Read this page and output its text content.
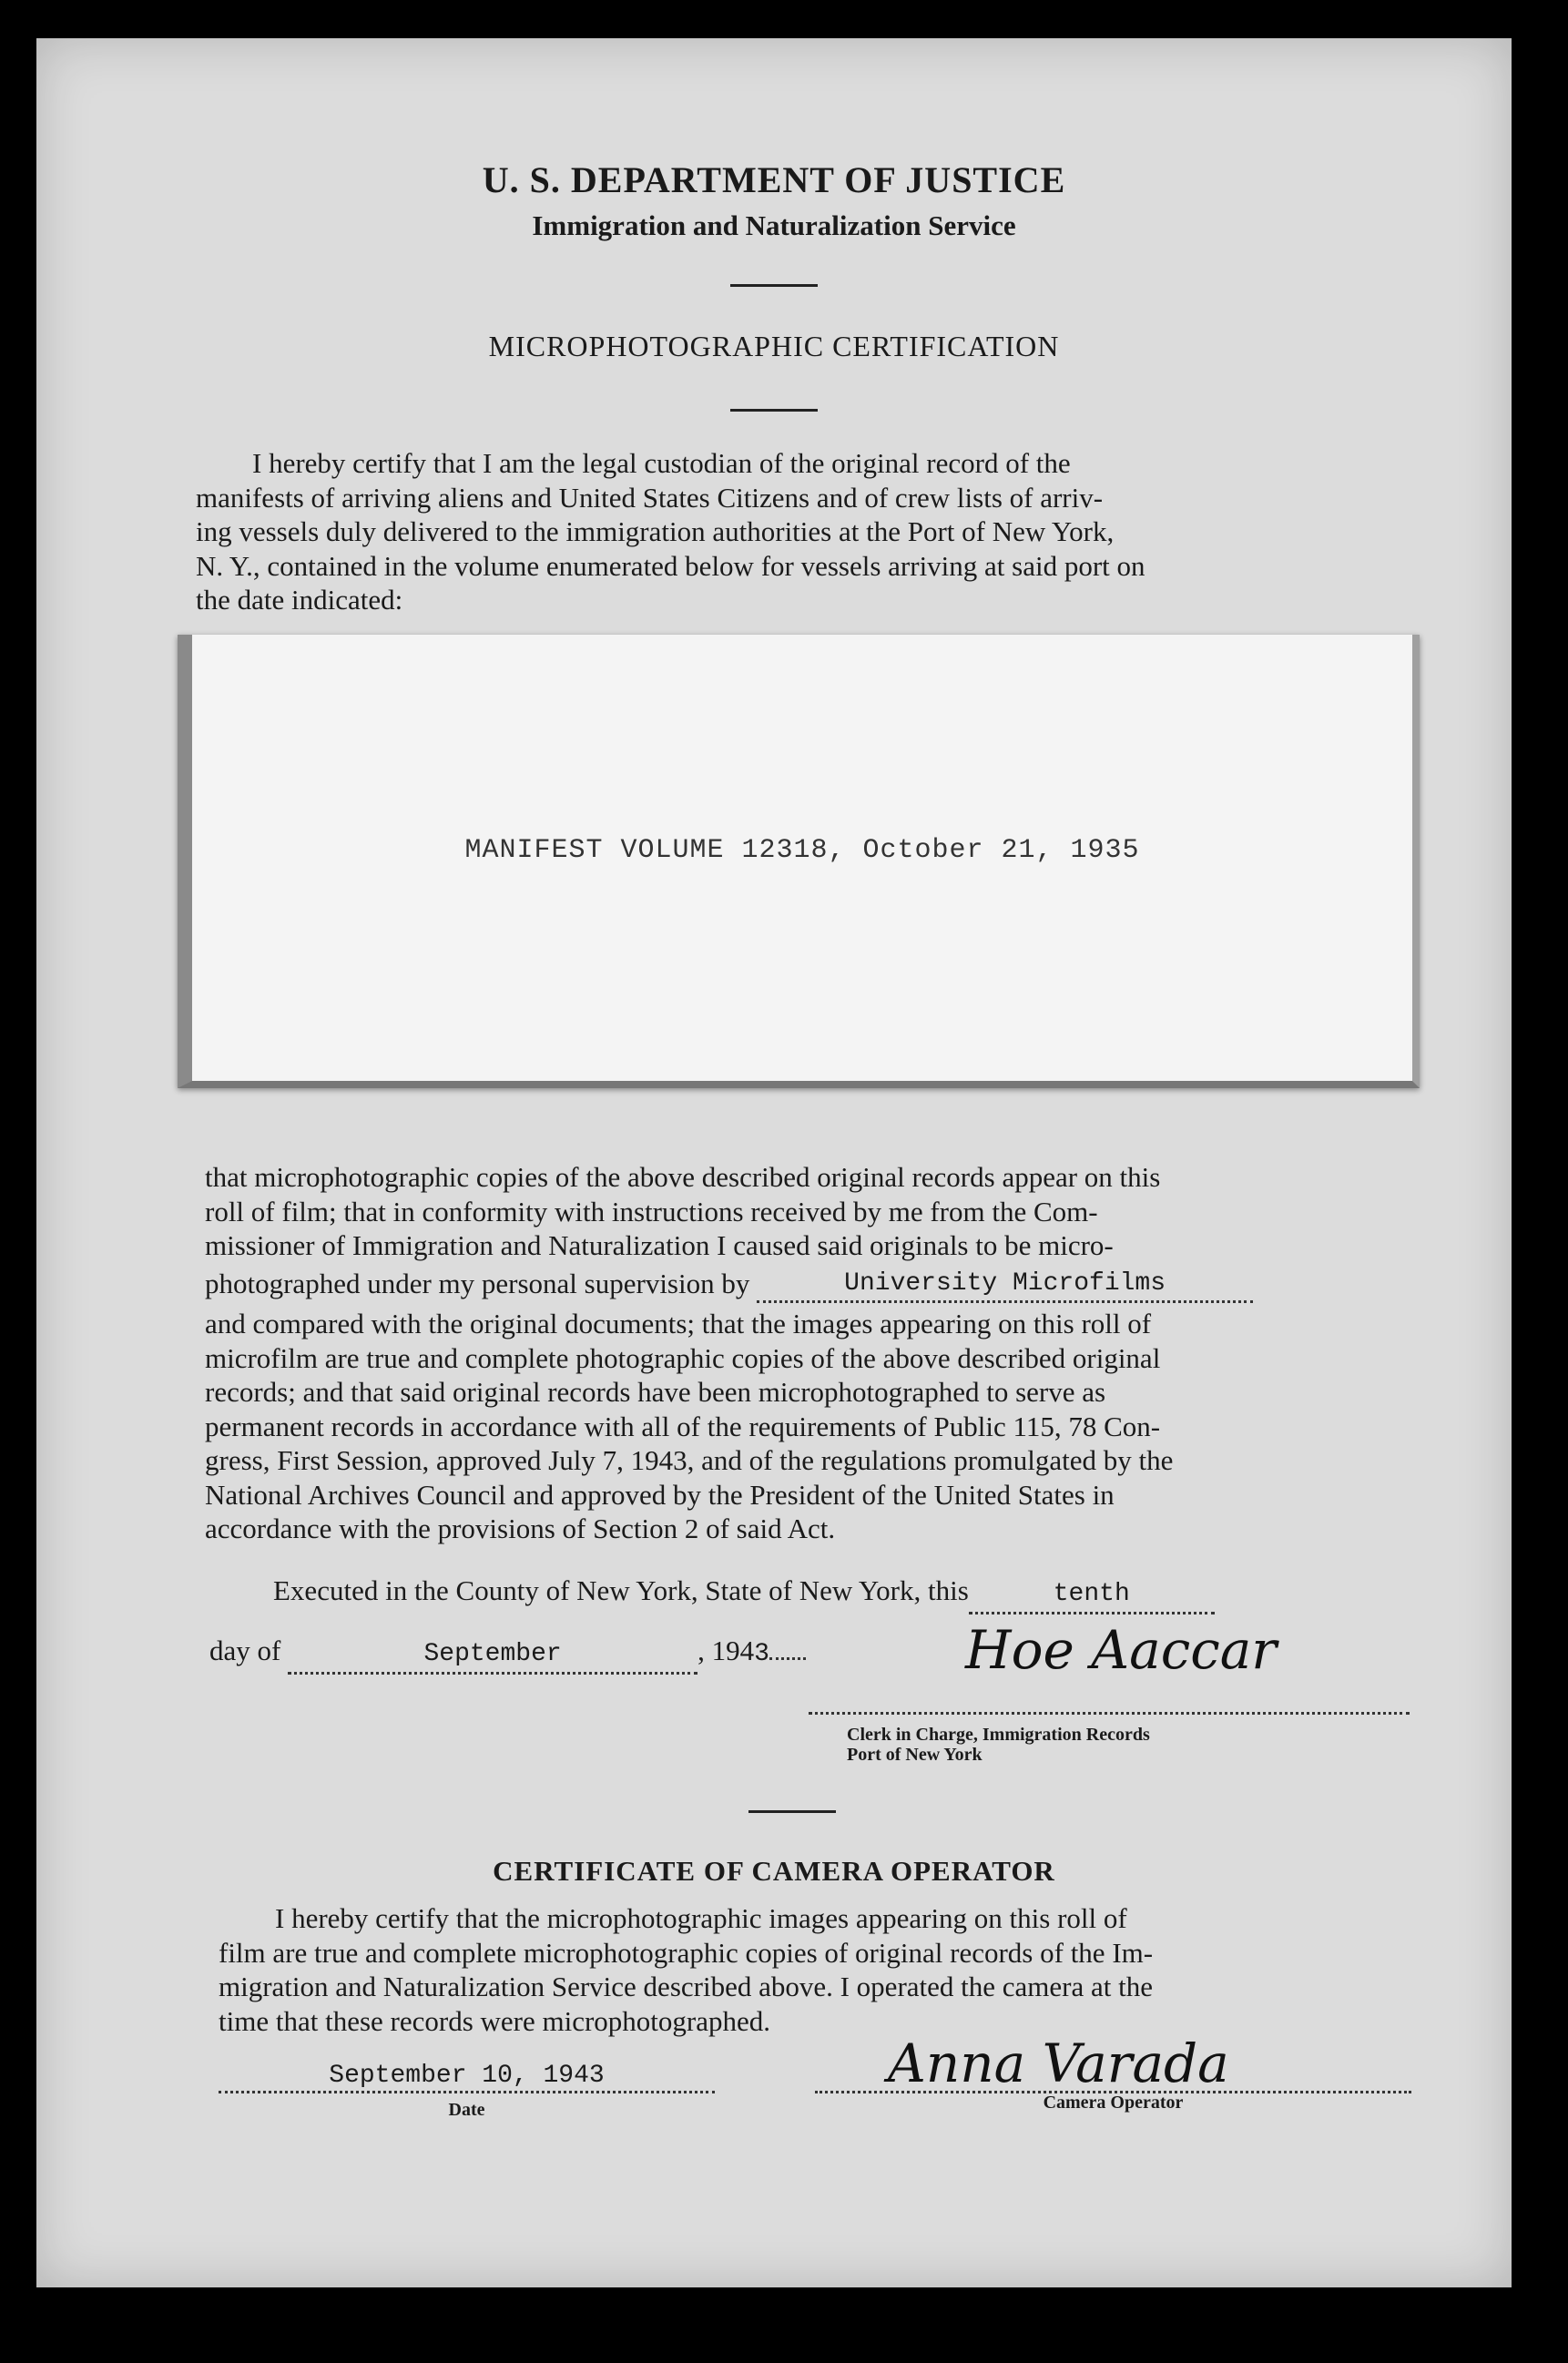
U. S. DEPARTMENT OF JUSTICE
Immigration and Naturalization Service
MICROPHOTOGRAPHIC CERTIFICATION

I hereby certify that I am the legal custodian of the original record of the

manifests of arriving aliens and United States Citizens and of crew lists of arriv-

ing vessels duly delivered to the immigration authorities at the Port of New York,

N. Y., contained in the volume enumerated below for vessels arriving at said port on

the date indicated:

MANIFEST VOLUME 12318, October 21, 1935

that microphotographic copies of the above described original records appear on this

roll of film; that in conformity with instructions received by me from the Com-

missioner of Immigration and Naturalization I caused said originals to be micro-

photographed under my personal supervision by	University Microfilms

and compared with the original documents; that the images appearing on this roll of

microfilm are true and complete photographic copies of the above described original

records; and that said original records have been microphotographed to serve as

permanent records in accordance with all of the requirements of Public 115, 78 Con-

gress, First Session, approved July 7, 1943, and of the regulations promulgated by the

National Archives Council and approved by the President of the United States in

accordance with the provisions of Section 2 of said Act.

Executed in the County of New York, State of New York, this	tenth
day of	September	, 1943	Hoe Aaccar
Clerk in Charge, Immigration Records
Port of New York
CERTIFICATE OF CAMERA OPERATOR

I hereby certify that the microphotographic images appearing on this roll of

film are true and complete microphotographic copies of original records of the Im-

migration and Naturalization Service described above. I operated the camera at the

time that these records were microphotographed.

September 10, 1943
Date
Anna Varada
Camera Operator
